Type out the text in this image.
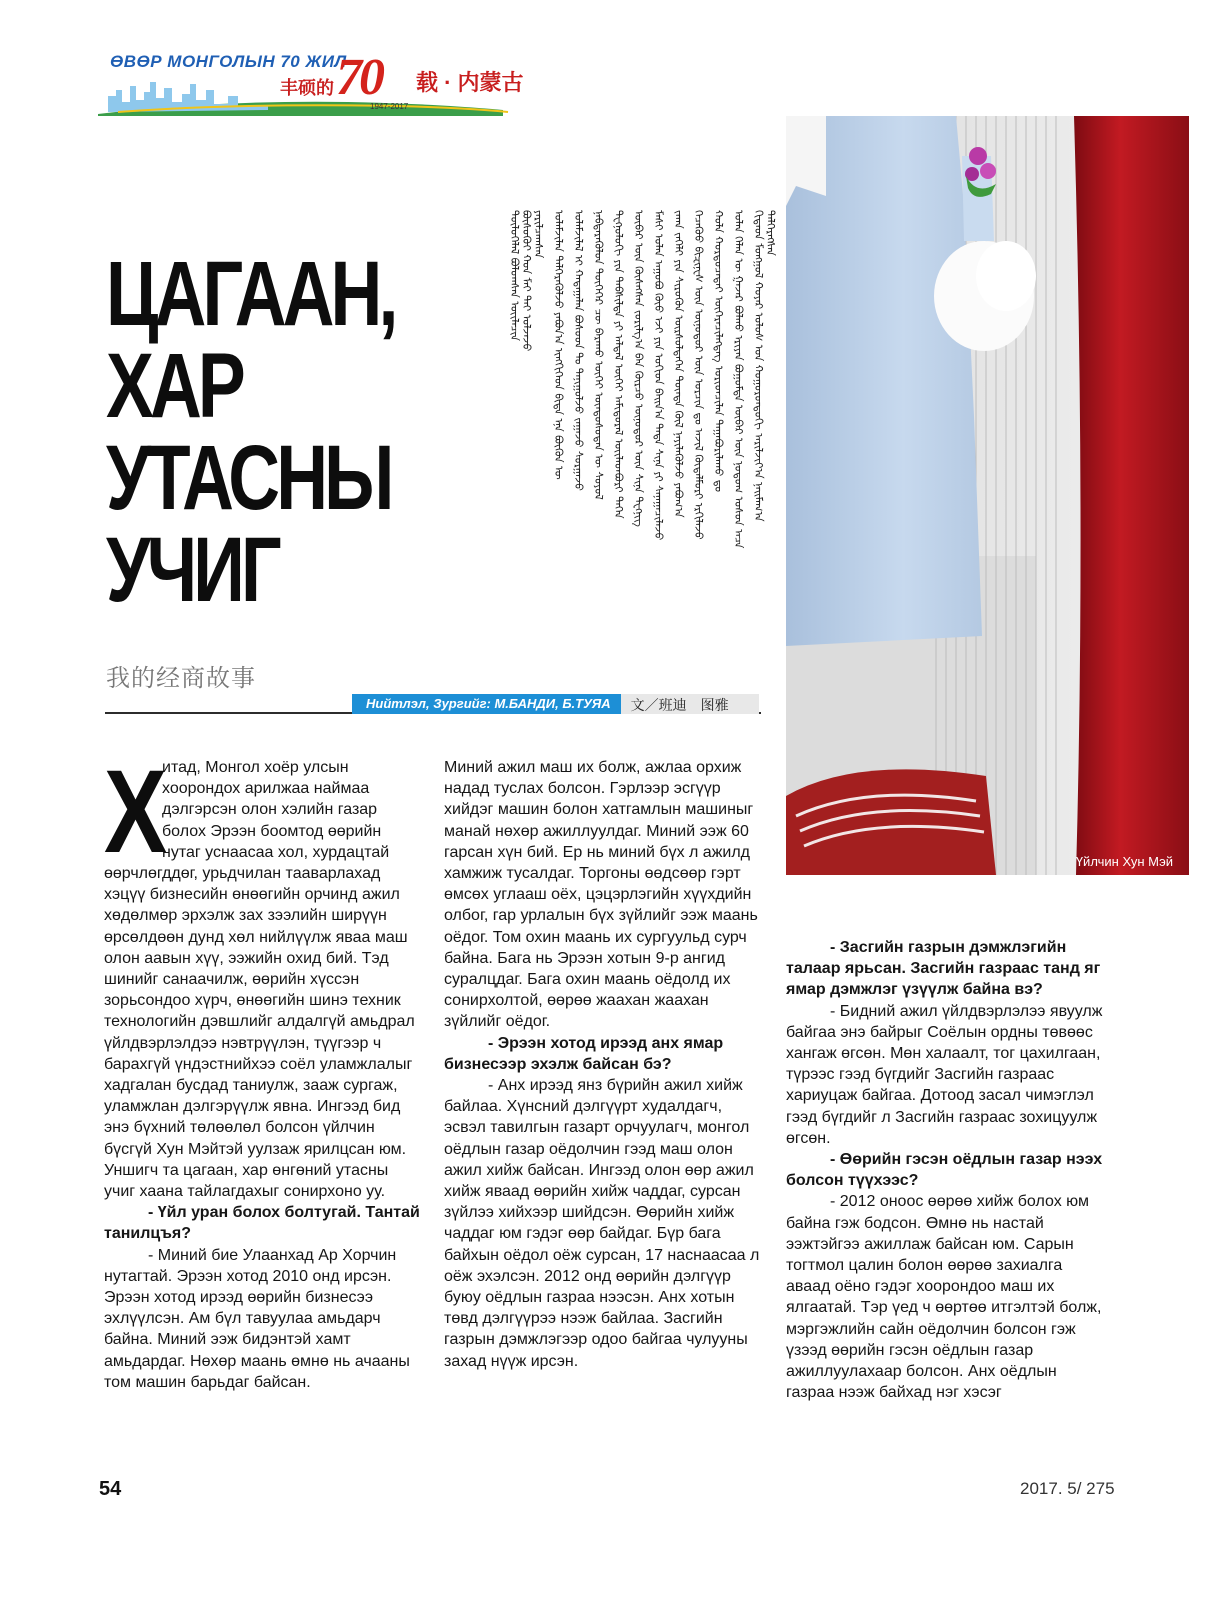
ӨВӨР МОНГОЛЫН 70 ЖИЛ
丰硕的 70 载 · 内蒙古
1947-2017
ЦАГААН,
ХАР
УТАСНЫ
УЧИГ
我的经商故事
ᠬᠢᠲᠠᠳ ᠮᠣᠩᠭᠣᠯ ᠬᠣᠶᠠᠷ ᠤᠯᠤᠰ ᠤᠨ ᠬᠣᠭᠣᠷᠣᠨᠳᠣᠬᠢ ᠠᠷᠢᠯᠵᠢᠶ᠎ᠠ ᠨᠠᠢᠮᠠᠭ᠎ᠠ ᠳᠡᠯᠭᠡᠷᠡᠭᠰᠡᠨ
ᠣᠯᠠᠨ ᠬᠡᠯᠡᠨ ᠦ ᠭᠠᠵᠠᠷ ᠪᠣᠯᠬᠤ ᠡᠷᠢᠶᠡᠨ ᠪᠣᠭᠣᠮᠳᠠ ᠥᠪᠡᠷ ᠦᠨ ᠨᠤᠲᠤᠭ ᠤᠰᠤᠨ ᠠᠴᠠ
ᠬᠣᠯᠠ ᠬᠤᠷᠳᠤᠴᠠᠲᠠᠢ ᠥᠭᠡᠷᠡᠴᠢᠯᠡᠭᠳᠡᠭ ᠤᠷᠢᠳᠴᠢᠯᠠᠨ ᠲᠠᠭᠠᠪᠤᠷᠢᠯᠠᠬᠤ ᠳᠤ
ᠬᠡᠴᠡᠭᠦᠦ ᠪᠢᠽᠢᠨᠧᠰ ᠦᠨ ᠥᠨᠥᠳᠥᠷ ᠦᠨ ᠣᠷᠴᠢᠨ ᠳᠤ ᠠᠵᠢᠯ ᠬᠥᠳᠡᠯᠮᠦᠷᠢ ᠡᠷᠬᠢᠯᠡᠵᠦ
ᠵᠠᠬᠠ ᠵᠡᠭᠡᠯᠢ ᠶᠢᠨ ᠰᠢᠷᠦᠭᠦᠨ ᠥᠷᠰᠥᠯᠳᠡᠭᠡᠨ ᠳᠦᠨᠳᠠ ᠬᠥᠯ ᠨᠡᠶᠢᠯᠡᠭᠦᠯᠵᠦ ᠶᠠᠪᠤᠭ᠎ᠠ
ᠮᠠᠰᠢ ᠣᠯᠠᠨ ᠠᠭᠤᠪᠤ ᠬᠦᠦ ᠡᠵᠢ ᠶᠢᠨ ᠣᠬᠢᠳ ᠪᠠᠢᠨ᠎ᠠ ᠲᠡᠳᠡ ᠰᠢᠨᠡ ᠶᠢ ᠰᠠᠨᠠᠭᠠᠴᠢᠯᠠᠵᠤ
ᠥᠪᠡᠷ ᠦᠨ ᠬᠦᠰᠡᠭᠰᠡᠨ ᠵᠣᠷᠢᠯᠭ᠎ᠠ ᠪᠡᠨ ᠬᠦᠷᠴᠦ ᠥᠨᠥᠳᠥᠷ ᠦᠨ ᠰᠢᠨᠡ ᠲᠧᠬᠨᠢᠭ
ᠲᠧᠬᠨᠣᠯᠣᠭᠢ ᠶᠢᠨ ᠳᠡᠪᠰᠢᠯᠲᠡ ᠶᠢ ᠠᠯᠳᠠᠯ ᠦᠭᠡᠢ ᠠᠮᠢᠳᠤᠷᠠᠯ ᠦᠢᠯᠡᠳᠪᠦᠷᠢ ᠳᠡᠭᠡᠨ
ᠨᠡᠪᠲᠡᠷᠡᠭᠦᠯᠦᠨ ᠲᠦᠭᠡᠭᠡᠷ ᠴᠦ ᠪᠠᠷᠠᠬᠤ ᠦᠭᠡᠢ ᠦᠨᠳᠦᠰᠦᠲᠡᠨ ᠦ ᠰᠣᠶᠣᠯ
ᠤᠯᠠᠮᠵᠢᠯᠠᠯ ᠢ ᠬᠠᠳᠠᠭᠠᠯᠠᠨ ᠪᠤᠰᠤᠳ ᠲᠤ ᠲᠠᠨᠢᠭᠤᠯᠵᠤ ᠵᠠᠭᠠᠵᠤ ᠰᠤᠷᠭᠠᠵᠤ
ᠤᠯᠠᠮᠵᠢᠯᠠᠨ ᠳᠡᠯᠭᠡᠷᠡᠭᠦᠯᠵᠦ ᠶᠠᠪᠤᠨ᠎ᠠ ᠢᠩᠭᠢᠭᠡᠳ ᠪᠢᠳᠡ ᠡᠨᠡ ᠪᠦᠬᠦᠨ ᠦ
ᠲᠥᠯᠥᠭᠡᠯᠡᠯ ᠪᠣᠯᠤᠭᠰᠠᠨ ᠦᠢᠯᠡᠴᠢᠨ ᠪᠦᠰᠦᠭᠦᠢ ᠬᠤᠨ ᠮᠡᠢ ᠲᠡᠢ ᠤᠯᠵᠠᠵᠤ ᠶᠠᠷᠢᠯᠴᠠᠭᠰᠠᠨ
Нийтлэл, Зургийг: М.БАНДИ, Б.ТУЯА	文／班迪　图雅
Үйлчин Хун Мэй
Х

итад, Монгол хоёр улсын хоорондох арилжаа наймаа дэлгэрсэн олон хэлийн газар болох Эрээн боомтод өөрийн нутаг уснаасаа хол, хурдацтай өөрчлөгддөг, урьдчилан тааварлахад хэцүү бизнесийн өнөөгийн орчинд ажил хөдөлмөр эрхэлж зах зээлийн ширүүн өрсөлдөөн дунд хөл нийлүүлж яваа маш олон аавын хүү, ээжийн охид бий. Тэд шинийг санаачилж, өөрийн хүссэн зорьсондоо хүрч, өнөөгийн шинэ техник технологийн дэвшлийг алдалгүй амьдрал үйлдвэрлэлдээ нэвтрүүлэн, түүгээр ч барахгүй үндэстнийхээ соёл уламжлалыг хадгалан бусдад таниулж, зааж сургаж, уламжлан дэлгэрүүлж явна. Ингээд бид энэ бүхний төлөөлөл болсон үйлчин бүсгүй Хун Мэйтэй уулзаж ярилцсан юм. Уншигч та цагаан, хар өнгөний утасны учиг хаана тайлагдахыг сонирхоно уу.

- Үйл уран болох болтугай. Тантай танилцъя?

- Миний бие Улаанхад Ар Хорчин нутагтай. Эрээн хотод 2010 онд ирсэн. Эрээн хотод ирээд өөрийн бизнесээ эхлүүлсэн. Ам бүл тавуулаа амьдарч байна. Миний ээж бидэнтэй хамт амьдардаг. Нөхөр маань өмнө нь ачааны том машин барьдаг байсан.

Миний ажил маш их болж, ажлаа орхиж надад туслах болсон. Гэрлээр эсгүүр хийдэг машин болон хатгамлын машиныг манай нөхөр ажиллуулдаг. Миний ээж 60 гарсан хүн бий. Ер нь миний бүх л ажилд хамжиж тусалдаг. Торгоны өөдсөөр гэрт өмсөх углааш оёх, цэцэрлэгийн хүүхдийн олбог, гар урлалын бүх зүйлийг ээж маань оёдог. Том охин маань их сургуульд сурч байна. Бага нь Эрээн хотын 9-р ангид суралцдаг. Бага охин маань оёдолд их сонирхолтой, өөрөө жаахан жаахан зүйлийг оёдог.

- Эрээн хотод ирээд анх ямар бизнесээр эхэлж байсан бэ?

- Анх ирээд янз бүрийн ажил хийж байлаа. Хүнсний дэлгүүрт худалдагч, эсвэл тавилгын газарт орчуулагч, монгол оёдлын газар оёдолчин гээд маш олон ажил хийж байсан. Ингээд олон өөр ажил хийж яваад өөрийн хийж чаддаг, сурсан зүйлээ хийхээр шийдсэн. Өөрийн хийж чаддаг юм гэдэг өөр байдаг. Бүр бага байхын оёдол оёж сурсан, 17 наснаасаа л оёж эхэлсэн. 2012 онд өөрийн дэлгүүр буюу оёдлын газраа нээсэн. Анх хотын төвд дэлгүүрээ нээж байлаа. Засгийн газрын дэмжлэгээр одоо байгаа чулууны захад нүүж ирсэн.

- Засгийн газрын дэмжлэгийн талаар ярьсан. Засгийн газраас танд яг ямар дэмжлэг үзүүлж байна вэ?

- Бидний ажил үйлдвэрлэлээ явуулж байгаа энэ байрыг Соёлын ордны төвөөс хангаж өгсөн. Мөн халаалт, тог цахилгаан, түрээс гээд бүгдийг Засгийн газраас хариуцаж байгаа. Дотоод засал чимэглэл гээд бүгдийг л Засгийн газраас зохицуулж өгсөн.

- Өөрийн гэсэн оёдлын газар нээх болсон түүхээс?

- 2012 оноос өөрөө хийж болох юм байна гэж бодсон. Өмнө нь настай ээжтэйгээ ажиллаж байсан юм. Сарын тогтмол цалин болон өөрөө захиалга аваад оёно гэдэг хоорондоо маш их ялгаатай. Тэр үед ч өөртөө итгэлтэй болж, мэргэжлийн сайн оёдолчин болсон гэж үзээд өөрийн гэсэн оёдлын газар ажиллуулахаар болсон. Анх оёдлын газраа нээж байхад нэг хэсэг

54	2017. 5/ 275
